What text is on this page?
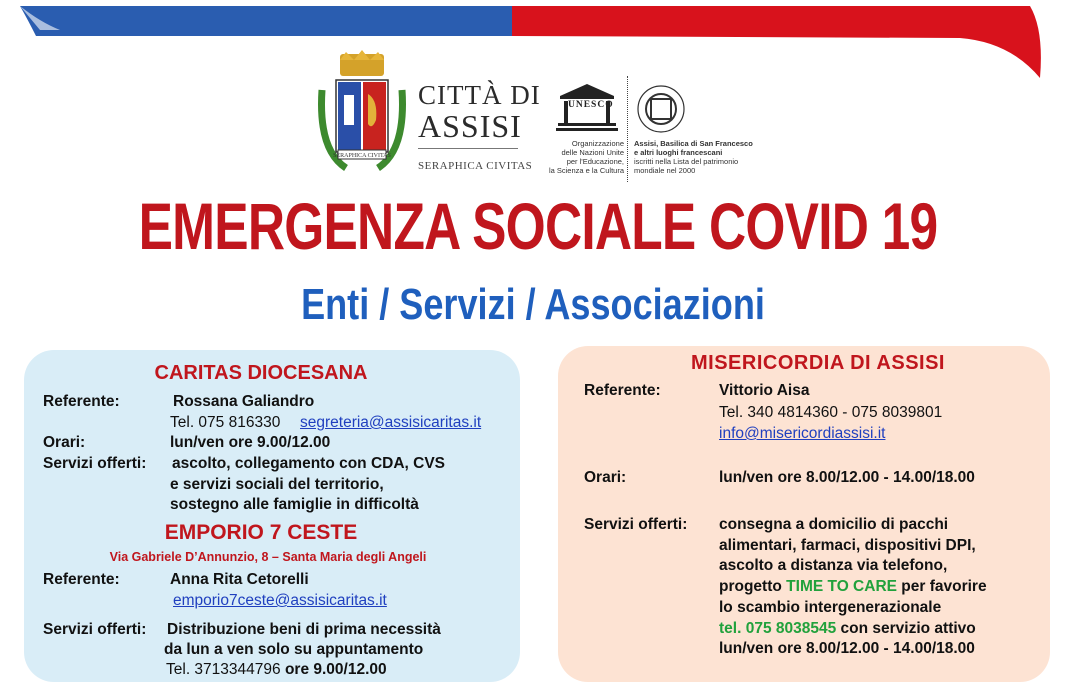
SERAPHICA CIVITAS
CITTÀ DI
ASSISI
SERAPHICA CIVITAS
UNESCO
Organizzazione
delle Nazioni Unite
per l'Educazione,
la Scienza e la Cultura
Assisi, Basilica di San Francesco
e altri luoghi francescani
iscritti nella Lista del patrimonio
mondiale nel 2000
EMERGENZA SOCIALE COVID 19
Enti / Servizi / Associazioni
CARITAS DIOCESANA
Referente:	Rossana Galiandro
Tel. 075 816330 segreteria@assisicaritas.it
Orari:	lun/ven ore 9.00/12.00
Servizi offerti: ascolto, collegamento con CDA, CVS
e servizi sociali del territorio,
sostegno alle famiglie in difficoltà
EMPORIO 7 CESTE
Via Gabriele D’Annunzio, 8 – Santa Maria degli Angeli
Referente:	Anna Rita Cetorelli
emporio7ceste@assisicaritas.it
Servizi offerti: Distribuzione beni di prima necessità
da lun a ven solo su appuntamento
Tel. 3713344796 ore 9.00/12.00
MISERICORDIA DI ASSISI
Referente:	Vittorio Aisa
Tel. 340 4814360 - 075 8039801
info@misericordiassisi.it
Orari:	lun/ven ore 8.00/12.00 - 14.00/18.00
Servizi offerti: consegna a domicilio di pacchi
alimentari, farmaci, dispositivi DPI,
ascolto a distanza via telefono,
progetto TIME TO CARE per favorire
lo scambio intergenerazionale
tel. 075 8038545 con servizio attivo
lun/ven ore 8.00/12.00 - 14.00/18.00
